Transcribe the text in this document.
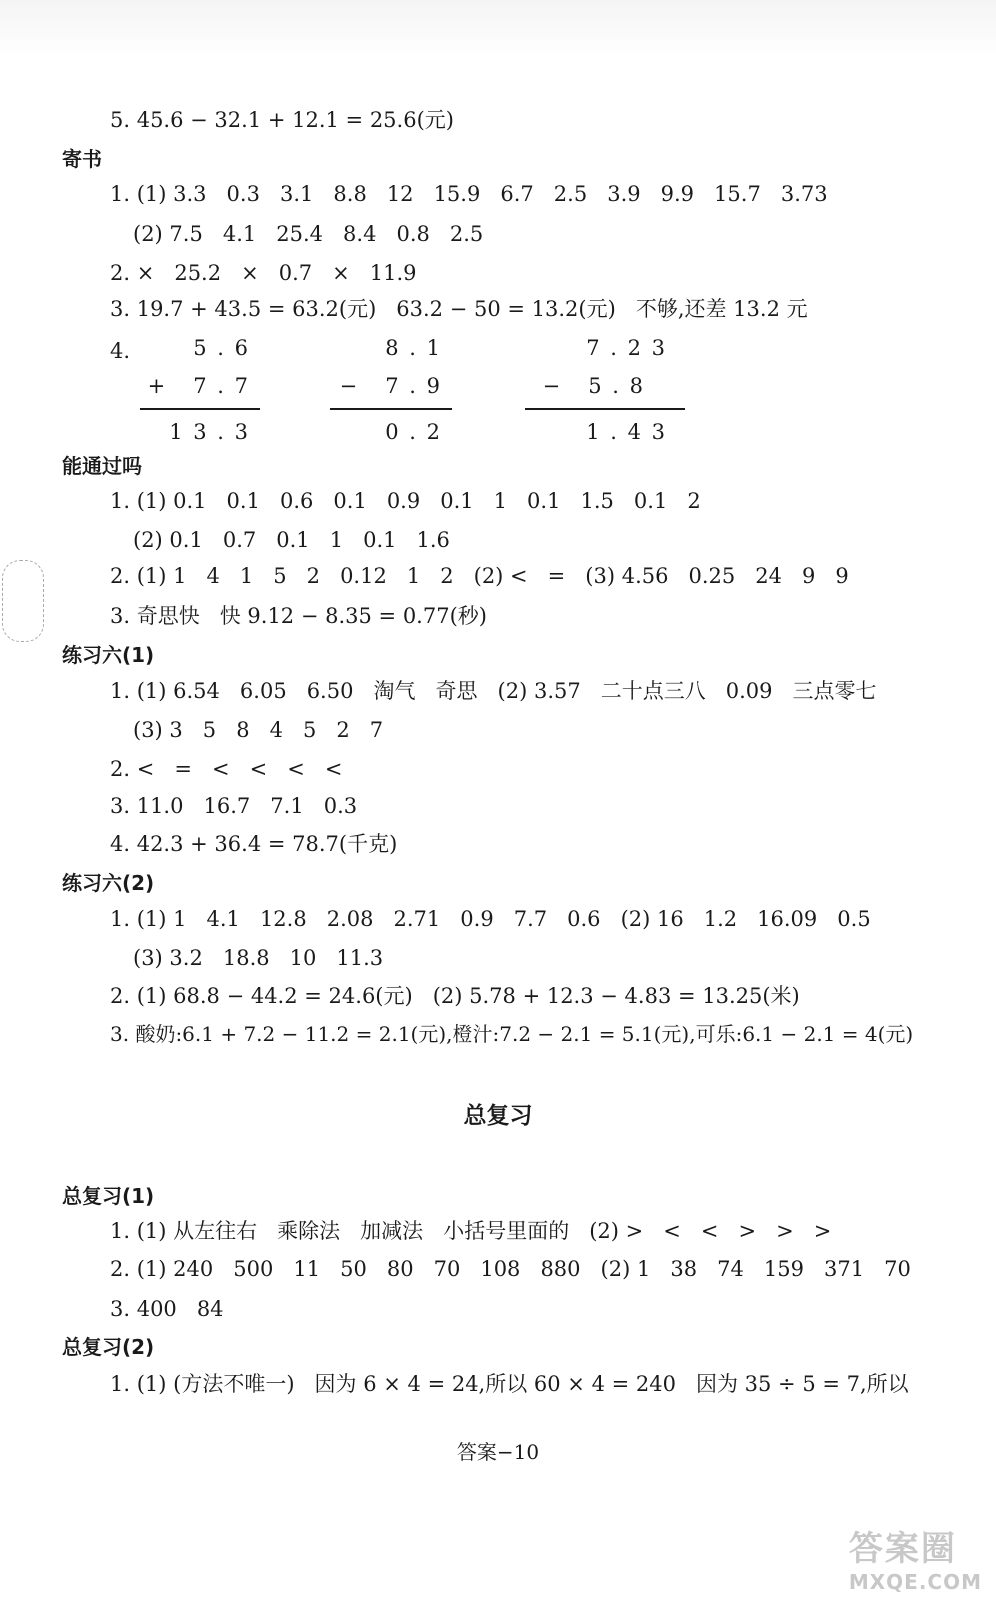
5. 45.6 − 32.1 + 12.1 = 25.6(元)
寄书
1. (1) 3.3   0.3   3.1   8.8   12   15.9   6.7   2.5   3.9   9.9   15.7   3.73
(2) 7.5   4.1   25.4   8.4   0.8   2.5
2. ×   25.2   ×   0.7   ×   11.9
3. 19.7 + 43.5 = 63.2(元)   63.2 − 50 = 13.2(元)   不够,还差 13.2 元
4.	5 . 6
+   7 . 7
1 3 . 3
8 . 1
−   7 . 9
0 . 2
7 . 2 3
−   5 . 8
1 . 4 3
能通过吗
1. (1) 0.1   0.1   0.6   0.1   0.9   0.1   1   0.1   1.5   0.1   2
(2) 0.1   0.7   0.1   1   0.1   1.6
2. (1) 1   4   1   5   2   0.12   1   2   (2) <   =   (3) 4.56   0.25   24   9   9
3. 奇思快   快 9.12 − 8.35 = 0.77(秒)
练习六(1)
1. (1) 6.54   6.05   6.50   淘气   奇思   (2) 3.57   二十点三八   0.09   三点零七
(3) 3   5   8   4   5   2   7
2. <   =   <   <   <   <
3. 11.0   16.7   7.1   0.3
4. 42.3 + 36.4 = 78.7(千克)
练习六(2)
1. (1) 1   4.1   12.8   2.08   2.71   0.9   7.7   0.6   (2) 16   1.2   16.09   0.5
(3) 3.2   18.8   10   11.3
2. (1) 68.8 − 44.2 = 24.6(元)   (2) 5.78 + 12.3 − 4.83 = 13.25(米)
3. 酸奶:6.1 + 7.2 − 11.2 = 2.1(元),橙汁:7.2 − 2.1 = 5.1(元),可乐:6.1 − 2.1 = 4(元)
总复习
总复习(1)
1. (1) 从左往右   乘除法   加减法   小括号里面的   (2) >   <   <   >   >   >
2. (1) 240   500   11   50   80   70   108   880   (2) 1   38   74   159   371   70
3. 400   84
总复习(2)
1. (1) (方法不唯一)   因为 6 × 4 = 24,所以 60 × 4 = 240   因为 35 ÷ 5 = 7,所以
答案−10
答案圈
MXQE.COM
